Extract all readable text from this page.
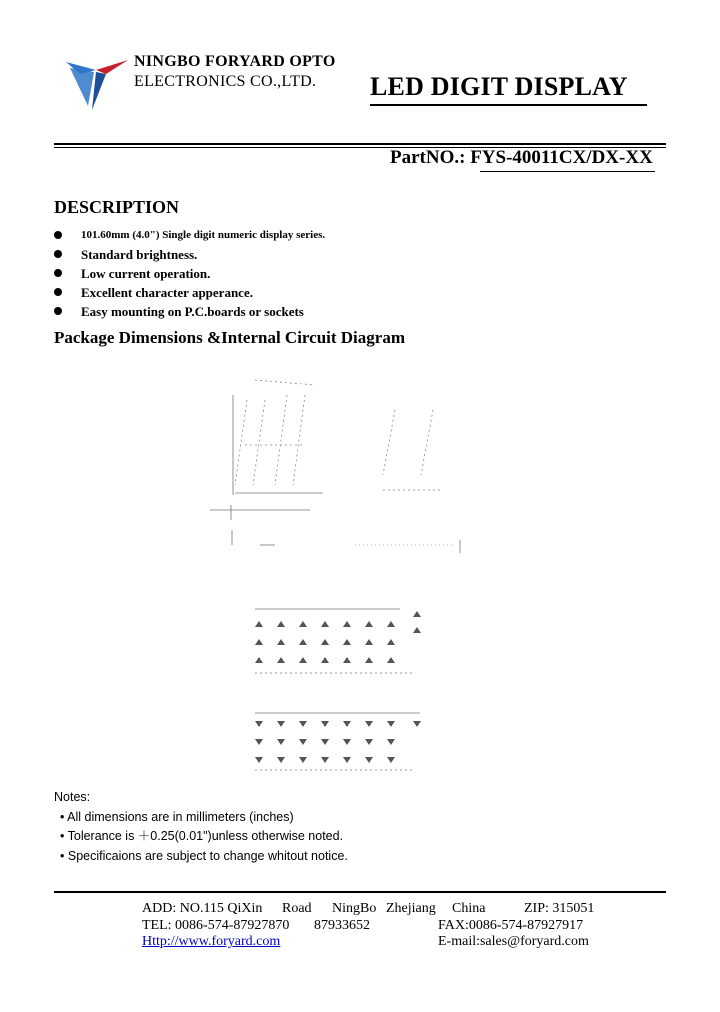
NINGBO FORYARD OPTO
ELECTRONICS CO.,LTD.	LED DIGIT DISPLAY
PartNO.: FYS-40011CX/DX-XX
DESCRIPTION
101.60mm (4.0") Single digit numeric display series.
Standard brightness.
Low current operation.
Excellent character apperance.
Easy mounting on P.C.boards or sockets
Package Dimensions &Internal Circuit Diagram
Notes:
• All dimensions are in millimeters (inches)
• Tolerance is ＋0.25(0.01")unless otherwise noted.
• Specificaions are subject to change whitout notice.
ADD: NO.115 QiXin Road NingBo Zhejiang China	ZIP: 315051
TEL: 0086-574-87927870 87933652	FAX:0086-574-87927917
Http://www.foryard.com	E-mail:sales@foryard.com
